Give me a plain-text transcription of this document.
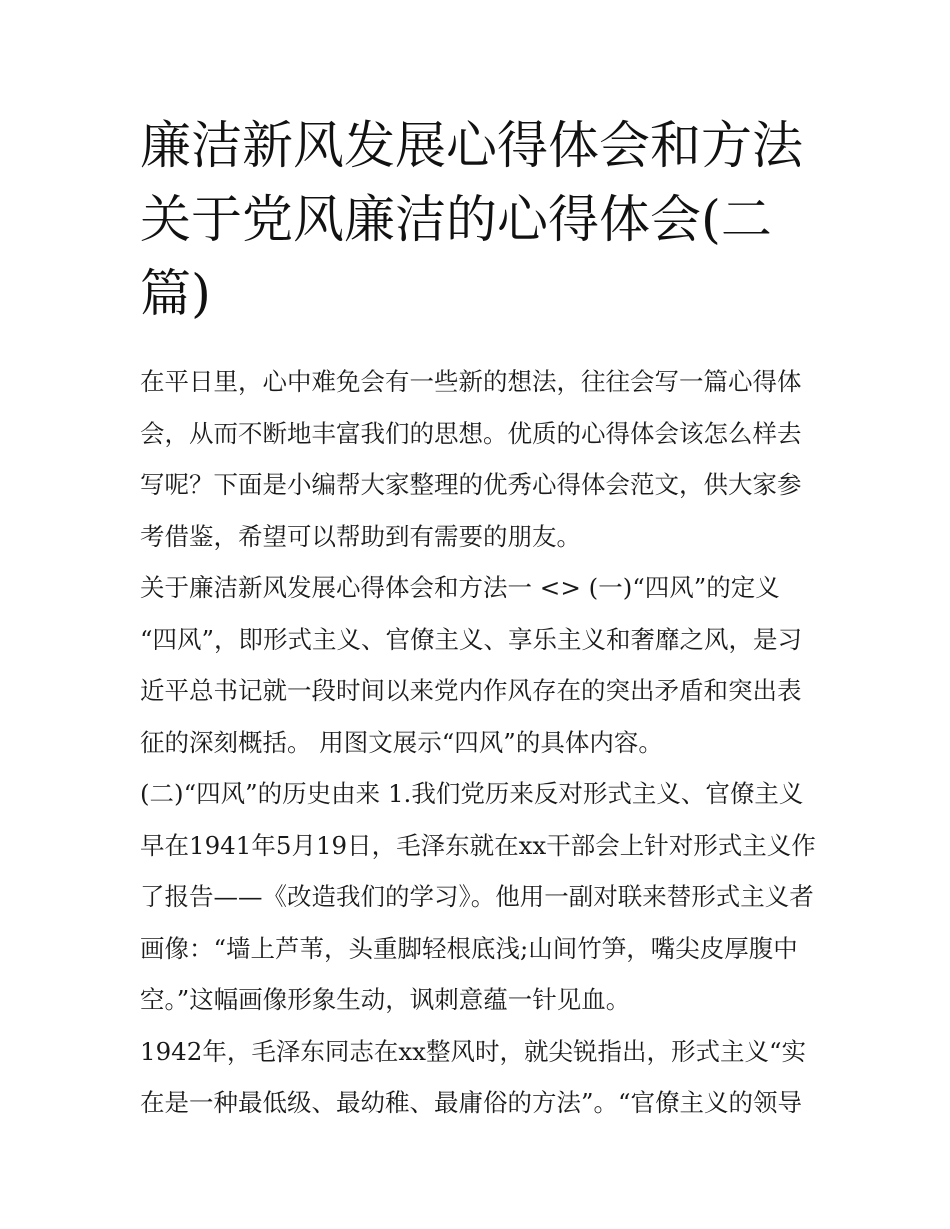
廉洁新风发展心得体会和方法关于党风廉洁的心得体会(二篇)

在平日里，心中难免会有一些新的想法，往往会写一篇心得体会，从而不断地丰富我们的思想。优质的心得体会该怎么样去写呢？下面是小编帮大家整理的优秀心得体会范文，供大家参考借鉴，希望可以帮助到有需要的朋友。

关于廉洁新风发展心得体会和方法一 <> (一)“四风”的定义 “四风”，即形式主义、官僚主义、享乐主义和奢靡之风，是习近平总书记就一段时间以来党内作风存在的突出矛盾和突出表征的深刻概括。 用图文展示“四风”的具体内容。

(二)“四风”的历史由来 1.我们党历来反对形式主义、官僚主义 早在1941年5月19日，毛泽东就在xx干部会上针对形式主义作了报告——《改造我们的学习》。他用一副对联来替形式主义者画像：“墙上芦苇，头重脚轻根底浅;山间竹笋，嘴尖皮厚腹中空。”这幅画像形象生动，讽刺意蕴一针见血。

1942年，毛泽东同志在xx整风时，就尖锐指出，形式主义“实在是一种最低级、最幼稚、最庸俗的方法”。“官僚主义的领导
